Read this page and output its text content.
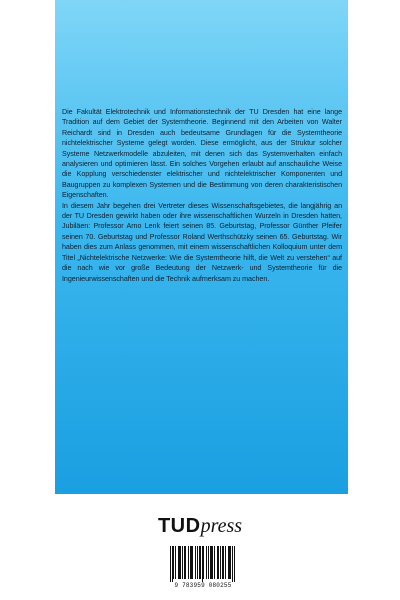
Die Fakultät Elektrotechnik und Informationstechnik der TU Dresden hat eine lange Tradition auf dem Gebiet der Systemtheorie. Beginnend mit den Arbeiten von Walter Reichardt sind in Dresden auch bedeutsame Grundlagen für die Systemtheorie nichtelektrischer Systeme gelegt worden. Diese ermöglicht, aus der Struktur solcher Systeme Netzwerkmodelle abzuleiten, mit denen sich das Systemverhalten einfach analysieren und optimieren lässt. Ein solches Vorgehen erlaubt auf anschauliche Weise die Kopplung verschiedenster elektrischer und nichtelektrischer Komponenten und Baugruppen zu komplexen Systemen und die Bestimmung von deren charakteristischen Eigenschaften.

In diesem Jahr begehen drei Vertreter dieses Wissenschaftsgebietes, die langjährig an der TU Dresden gewirkt haben oder ihre wissenschaftlichen Wurzeln in Dresden hatten, Jubiläen: Professor Arno Lenk feiert seinen 85. Geburtstag, Professor Günther Pfeifer seinen 70. Geburtstag und Professor Roland Werthschützky seinen 65. Geburtstag. Wir haben dies zum Anlass genommen, mit einem wissenschaftlichen Kolloquium unter dem Titel „Nichtelektrische Netzwerke: Wie die Systemtheorie hilft, die Welt zu verstehen“ auf die nach wie vor große Bedeutung der Netzwerk- und Systemtheorie für die Ingenieurwissenschaften und die Technik aufmerksam zu machen.

TUDpress
9 783959 080255
